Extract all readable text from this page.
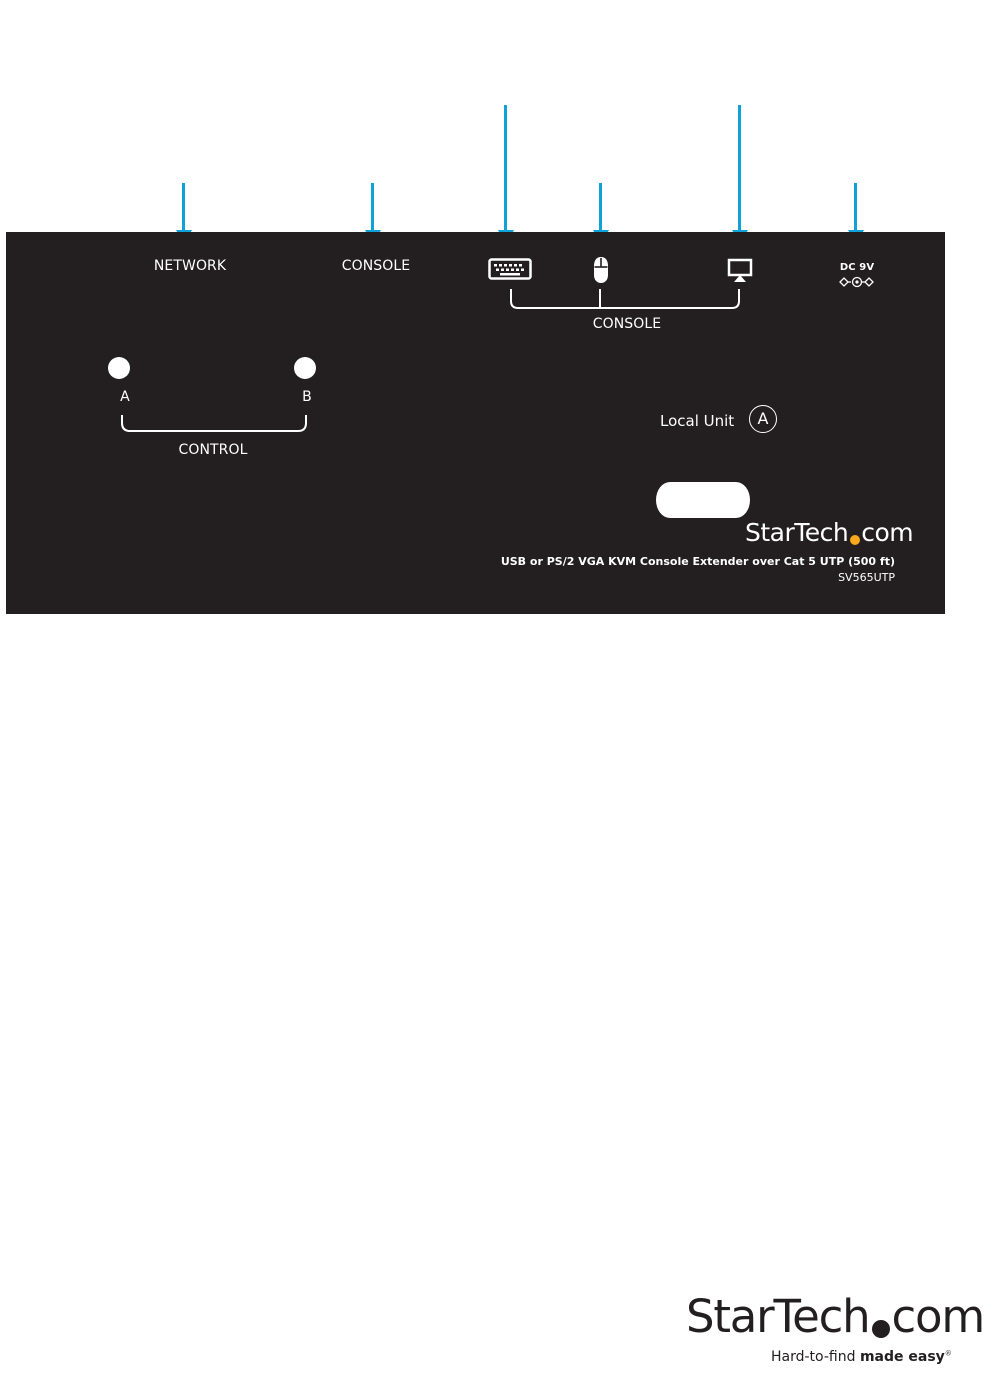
NETWORK	CONSOLE	DC 9V
CONSOLE
A	B
CONTROL
Local Unit	A
StarTech com
USB or PS/2 VGA KVM Console Extender over Cat 5 UTP (500 ft)
SV565UTP
StarTech com
Hard-to-find made easy®
